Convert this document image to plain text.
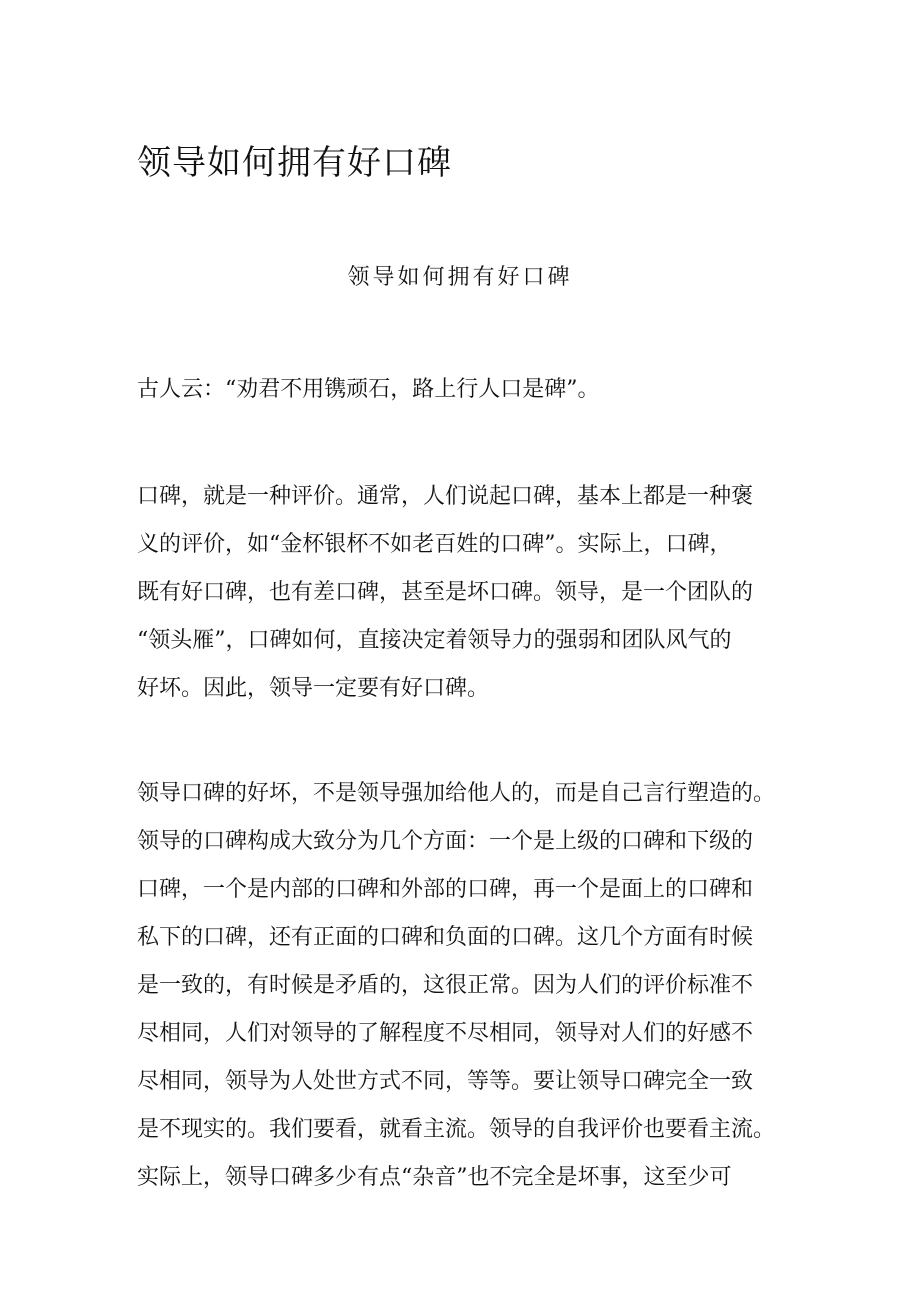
领导如何拥有好口碑
领导如何拥有好口碑
古人云：“劝君不用镌顽石，路上行人口是碑”。
口碑，就是一种评价。通常，人们说起口碑，基本上都是一种褒
义的评价，如“金杯银杯不如老百姓的口碑”。实际上，口碑，
既有好口碑，也有差口碑，甚至是坏口碑。领导，是一个团队的
“领头雁”，口碑如何，直接决定着领导力的强弱和团队风气的
好坏。因此，领导一定要有好口碑。
领导口碑的好坏，不是领导强加给他人的，而是自己言行塑造的。
领导的口碑构成大致分为几个方面：一个是上级的口碑和下级的
口碑，一个是内部的口碑和外部的口碑，再一个是面上的口碑和
私下的口碑，还有正面的口碑和负面的口碑。这几个方面有时候
是一致的，有时候是矛盾的，这很正常。因为人们的评价标准不
尽相同，人们对领导的了解程度不尽相同，领导对人们的好感不
尽相同，领导为人处世方式不同，等等。要让领导口碑完全一致
是不现实的。我们要看，就看主流。领导的自我评价也要看主流。
实际上，领导口碑多少有点“杂音”也不完全是坏事，这至少可
